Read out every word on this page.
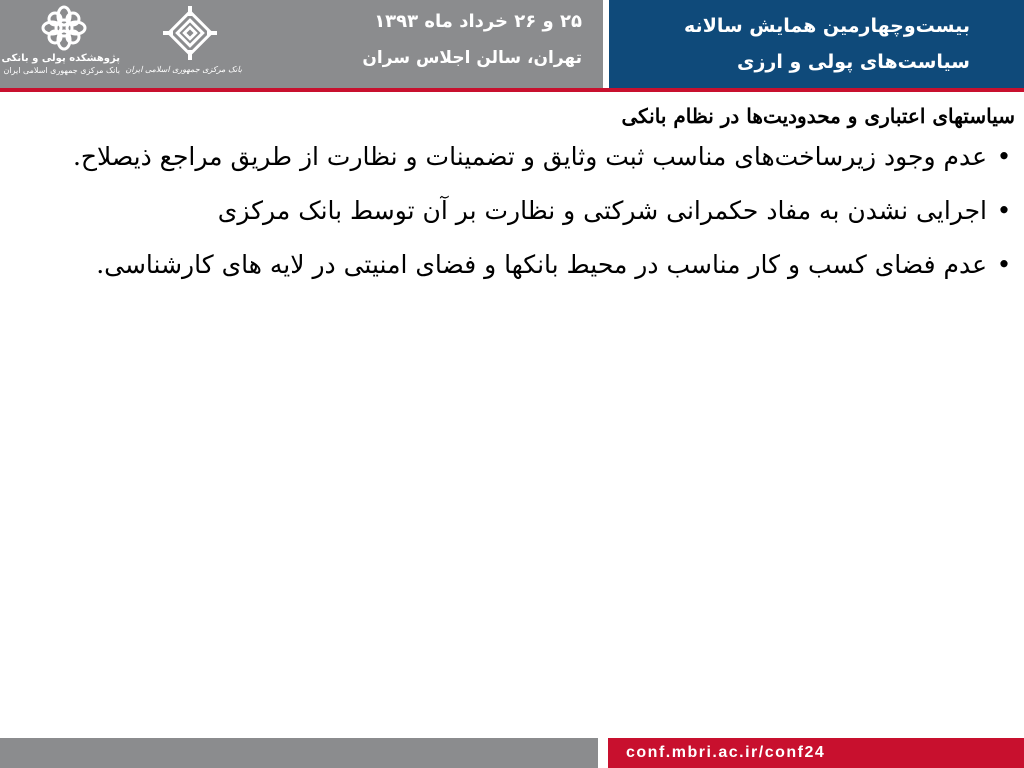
پژوهشکده پولی و بانکی
بانک مرکزی جمهوری اسلامی ایران بانک مرکزی جمهوری اسلامی ایران
۲۵ و ۲۶ خرداد ماه ۱۳۹۳
تهران، سالن اجلاس سران
بیست‌وچهارمین همایش سالانه
سیاست‌های پولی و ارزی
سیاستهای اعتباری و محدودیت‌ها در نظام بانکی
•
عدم وجود زیرساخت‌های مناسب ثبت وثایق و تضمینات و نظارت از طریق مراجع ذیصلاح.
•
اجرایی نشدن به مفاد حکمرانی شرکتی و نظارت بر آن توسط بانک مرکزی
•
عدم فضای کسب و کار مناسب در محیط بانکها و فضای امنیتی در لایه های کارشناسی.
conf.mbri.ac.ir/conf24
